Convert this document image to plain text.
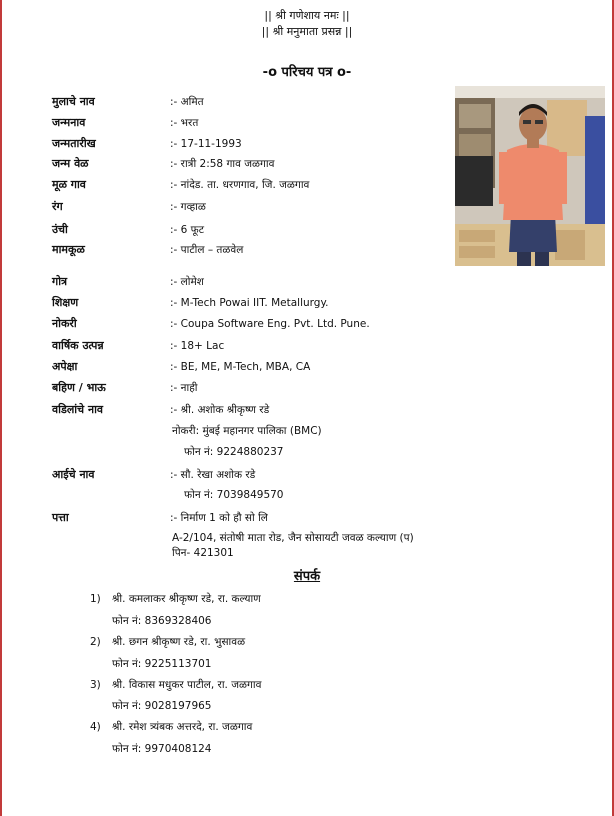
|| श्री गणेशाय नमः ||
|| श्री मनुमाता प्रसन्न ||
-o परिचय पत्र o-
मुलाचे नाव	:- अमित
जन्मनाव	:- भरत
जन्मतारीख	:- 17-11-1993
जन्म वेळ	:- रात्री 2:58 गाव जळगाव
मूळ गाव	:- नांदेड. ता. धरणगाव, जि. जळगाव
रंग	:- गव्हाळ
उंची	:- 6 फूट
मामकूळ	:- पाटील – तळवेल
गोत्र	:- लोमेश
शिक्षण	:- M-Tech Powai IIT. Metallurgy.
नोकरी	:- Coupa Software Eng. Pvt. Ltd. Pune.
वार्षिक उत्पन्न	:- 18+ Lac
अपेक्षा	:- BE, ME, M-Tech, MBA, CA
बहिण / भाऊ	:- नाही
वडिलांचे नाव	:- श्री. अशोक श्रीकृष्ण रडे
नोकरी: मुंबई महानगर पालिका (BMC)
फोन नं: 9224880237
आईचे नाव	:- सौ. रेखा अशोक रडे
फोन नं: 7039849570
पत्ता	:- निर्माण 1 को हौ सो लि
A-2/104, संतोषी माता रोड, जैन सोसायटी जवळ कल्याण (प)
पिन- 421301
संपर्क
1) श्री. कमलाकर श्रीकृष्ण रडे, रा. कल्याण
फोन नं: 8369328406
2) श्री. छगन श्रीकृष्ण रडे, रा. भुसावळ
फोन नं: 9225113701
3) श्री. विकास मधुकर पाटील, रा. जळगाव
फोन नं: 9028197965
4) श्री. रमेश त्र्यंबक अत्तरदे, रा. जळगाव
फोन नं: 9970408124
